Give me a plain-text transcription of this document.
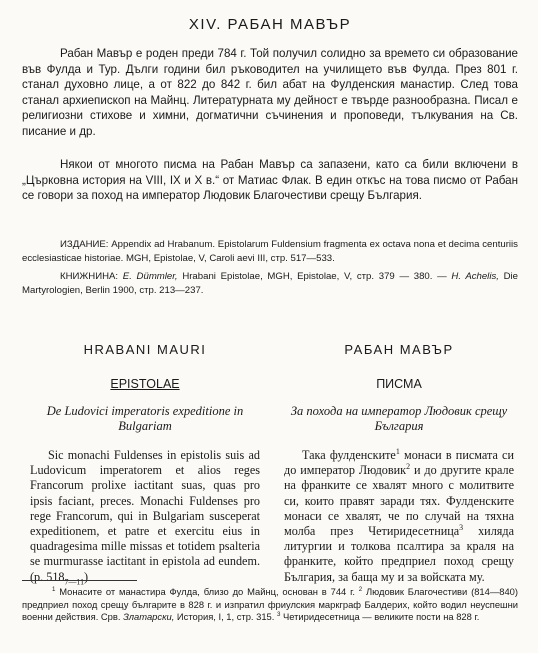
XIV. РАБАН МАВЪР

Рабан Мавър е роден преди 784 г. Той получил солидно за времето си образование във Фулда и Тур. Дълги години бил ръководител на училището във Фулда. През 801 г. станал духовно лице, а от 822 до 842 г. бил абат на Фулденския манастир. След това станал архиепископ на Майнц. Литературната му дейност е твърде разнообразна. Писал е религиозни стихове и химни, догматични съчинения и проповеди, тълкувания на Св. писание и др.

Някои от многото писма на Рабан Мавър са запазени, като са били включени в „Църковна история на VIII, IX и X в.“ от Матиас Флак. В един откъс на това писмо от Рабан се говори за поход на император Людовик Благочестиви срещу България.

ИЗДАНИЕ: Appendix ad Hrabanum. Epistolarum Fuldensium fragmenta ex octava nona et decima centuriis ecclesiasticae historiae. MGH, Epistolae, V, Caroli aevi III, стр. 517—533.

КНИЖНИНА: E. Dümmler, Hrabani Epistolae, MGH, Epistolae, V, стр. 379 — 380. — H. Achelis, Die Martyrologien, Berlin 1900, стр. 213—237.

HRABANI MAURI

EPISTOLAE

De Ludovici imperatoris expeditione in Bulgariam

Sic monachi Fuldenses in epistolis suis ad Ludovicum imperatorem et alios reges Francorum prolixe iactitant suas, quas pro ipsis faciant, preces. Monachi Fuldenses pro rege Francorum, qui in Bulgariam susceperat expeditionem, et patre et exercitu eius in quadragesima mille missas et totidem psalteria se murmurasse iactitant in epistola ad eundem. (p. $518_{7—11}$)

РАБАН МАВЪР

ПИСМА

За похода на император Людовик срещу България

Така фулденските$^1$ монаси в писмата си до император Людовик$^2$ и до другите крале на франките се хвалят много с молитвите си, които правят заради тях. Фулденските монаси се хвалят, че по случай на тяхна молба през Четиридесетница$^3$ хиляда литургии и толкова псалтира за краля на франките, който предприел поход срещу България, за баща му и за войската му.

$^1$ Монасите от манастира Фулда, близо до Майнц, основан в 744 г. $^2$ Людовик Благочестиви (814—840) предприел поход срещу българите в 828 г. и изпратил фриулския маркграф Балдерих, който водил неуспешни военни действия. Срв. Златарски, История, І, 1, стр. 315. $^3$ Четиридесетница — великите пости на 828 г.
